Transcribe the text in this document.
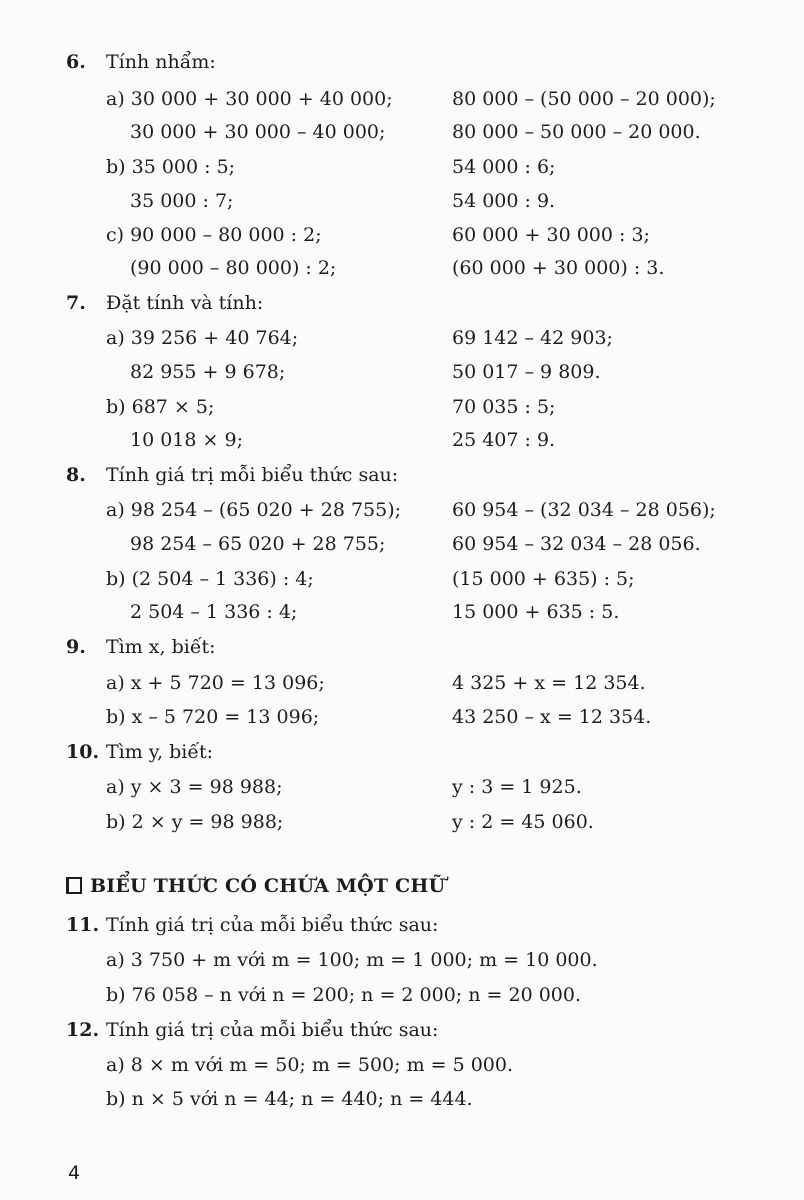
6. Tính nhẩm:
a) 30 000 + 30 000 + 40 000;	80 000 – (50 000 – 20 000);
30 000 + 30 000 – 40 000;	80 000 – 50 000 – 20 000.
b) 35 000 : 5;	54 000 : 6;
35 000 : 7;	54 000 : 9.
c) 90 000 – 80 000 : 2;	60 000 + 30 000 : 3;
(90 000 – 80 000) : 2;	(60 000 + 30 000) : 3.
7. Đặt tính và tính:
a) 39 256 + 40 764;	69 142 – 42 903;
82 955 + 9 678;	50 017 – 9 809.
b) 687 × 5;	70 035 : 5;
10 018 × 9;	25 407 : 9.
8. Tính giá trị mỗi biểu thức sau:
a) 98 254 – (65 020 + 28 755);	60 954 – (32 034 – 28 056);
98 254 – 65 020 + 28 755;	60 954 – 32 034 – 28 056.
b) (2 504 – 1 336) : 4;	(15 000 + 635) : 5;
2 504 – 1 336 : 4;	15 000 + 635 : 5.
9. Tìm x, biết:
a) x + 5 720 = 13 096;	4 325 + x = 12 354.
b) x – 5 720 = 13 096;	43 250 – x = 12 354.
10. Tìm y, biết:
a) y × 3 = 98 988;	y : 3 = 1 925.
b) 2 × y = 98 988;	y : 2 = 45 060.
BIỂU THỨC CÓ CHỨA MỘT CHỮ
11. Tính giá trị của mỗi biểu thức sau:
a) 3 750 + m với m = 100; m = 1 000; m = 10 000.
b) 76 058 – n với n = 200; n = 2 000; n = 20 000.
12. Tính giá trị của mỗi biểu thức sau:
a) 8 × m với m = 50; m = 500; m = 5 000.
b) n × 5 với n = 44; n = 440; n = 444.
4
